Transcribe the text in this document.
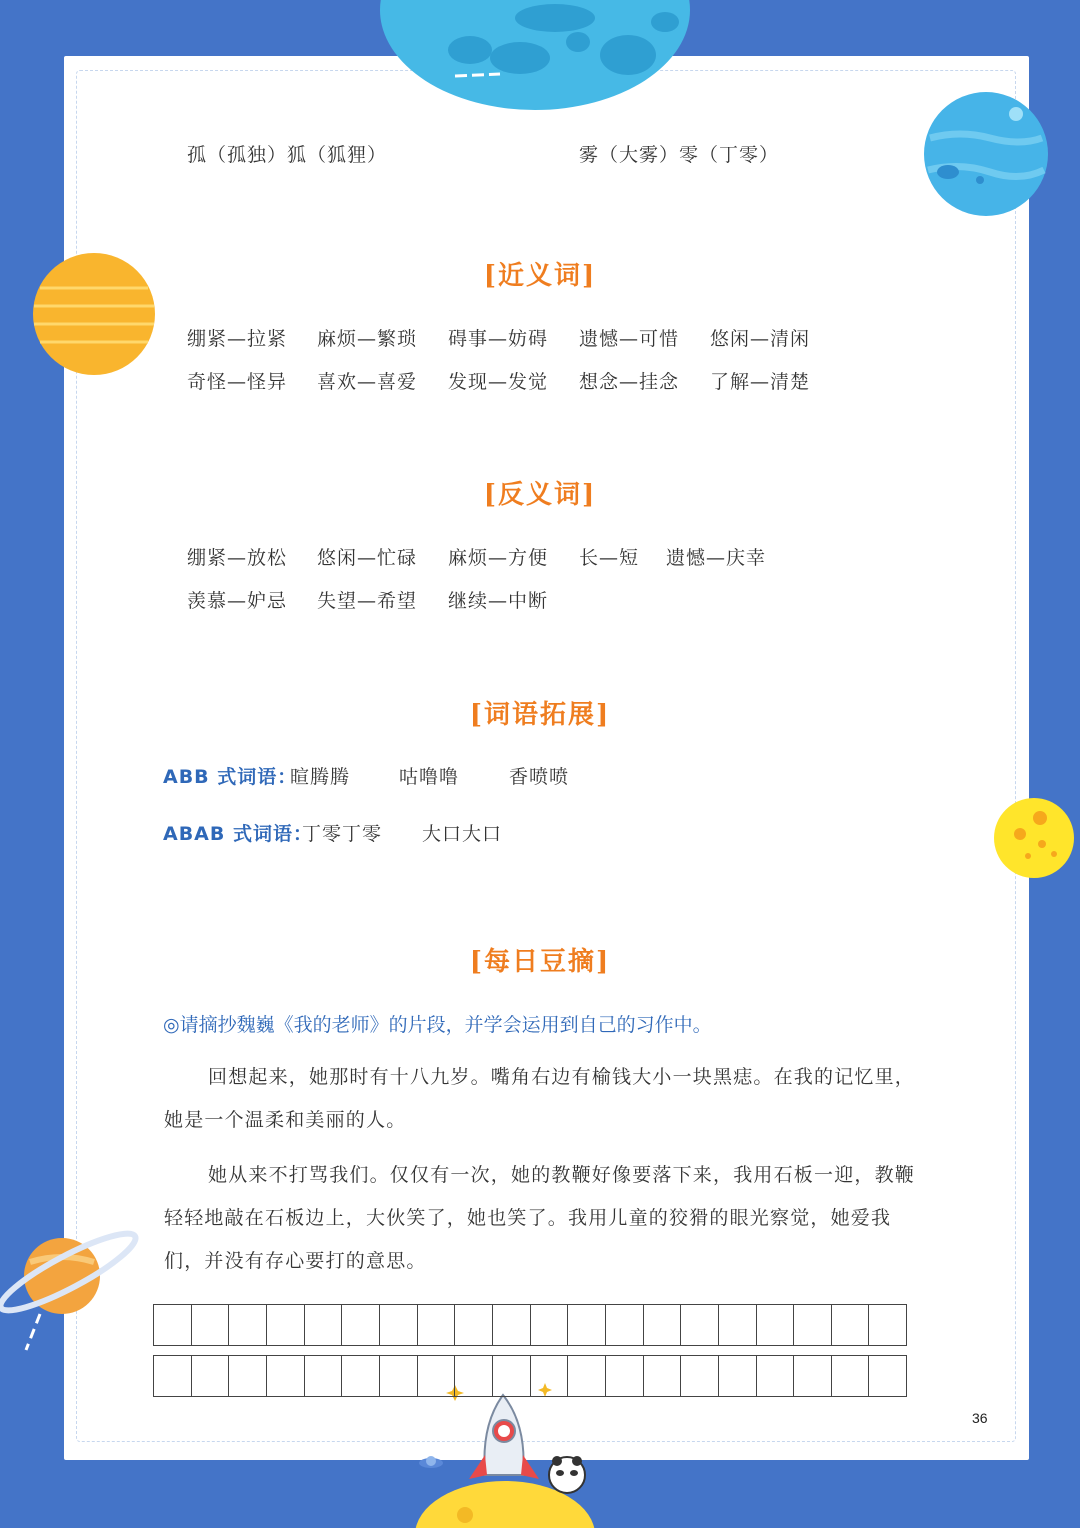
孤（孤独）狐（狐狸）	雾（大雾）零（丁零）
[近义词]
绷紧—拉紧 麻烦—繁琐 碍事—妨碍 遗憾—可惜 悠闲—清闲
奇怪—怪异 喜欢—喜爱 发现—发觉 想念—挂念 了解—清楚
[反义词]
绷紧—放松 悠闲—忙碌 麻烦—方便 长—短 遗憾—庆幸
羡慕—妒忌 失望—希望 继续—中断
[词语拓展]
ABB 式词语：
暄腾腾	咕噜噜	香喷喷
ABAB 式词语：
丁零丁零 大口大口
[每日豆摘]
◎请摘抄魏巍《我的老师》的片段，并学会运用到自己的习作中。
回想起来，她那时有十八九岁。嘴角右边有榆钱大小一块黑痣。在我的记忆里，她是一个温柔和美丽的人。
她从来不打骂我们。仅仅有一次，她的教鞭好像要落下来，我用石板一迎，教鞭轻轻地敲在石板边上，大伙笑了，她也笑了。我用儿童的狡猾的眼光察觉，她爱我们，并没有存心要打的意思。
36
